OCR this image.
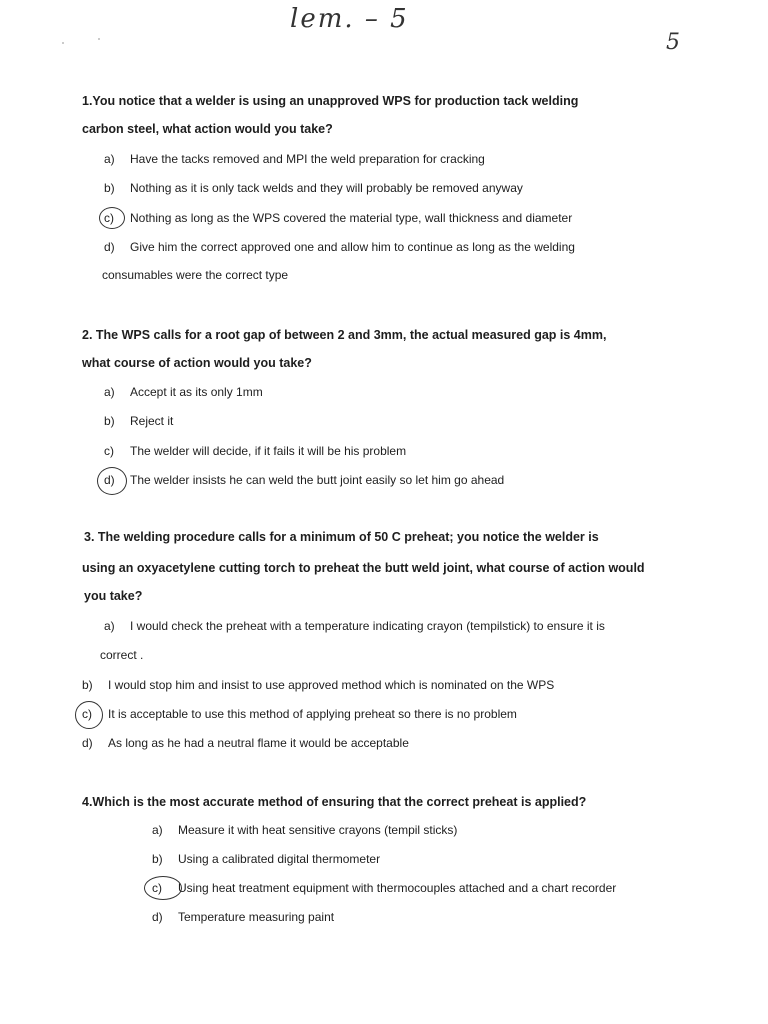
lem. – 5
5
1.You notice that a welder is using an unapproved WPS for production tack welding
carbon steel, what action would you take?
a) Have the tacks removed and MPI the weld preparation for cracking
b) Nothing as it is only tack welds and they will probably be removed anyway
c) Nothing as long as the WPS covered the material type, wall thickness and diameter
d) Give him the correct approved one and allow him to continue as long as the welding
consumables were the correct type
2. The WPS calls for a root gap of between 2 and 3mm, the actual measured gap is 4mm,
what course of action would you take?
a) Accept it as its only 1mm
b) Reject it
c) The welder will decide, if it fails it will be his problem
d) The welder insists he can weld the butt joint easily so let him go ahead
3. The welding procedure calls for a minimum of 50 C preheat; you notice the welder is
using an oxyacetylene cutting torch to preheat the butt weld joint, what course of action would
you take?
a) I would check the preheat with a temperature indicating crayon (tempilstick) to ensure it is
correct .
b) I would stop him and insist to use approved method which is nominated on the WPS
c) It is acceptable to use this method of applying preheat so there is no problem
d) As long as he had a neutral flame it would be acceptable
4.Which is the most accurate method of ensuring that the correct preheat is applied?
a) Measure it with heat sensitive crayons (tempil sticks)
b) Using a calibrated digital thermometer
c) Using heat treatment equipment with thermocouples attached and a chart recorder
d) Temperature measuring paint
